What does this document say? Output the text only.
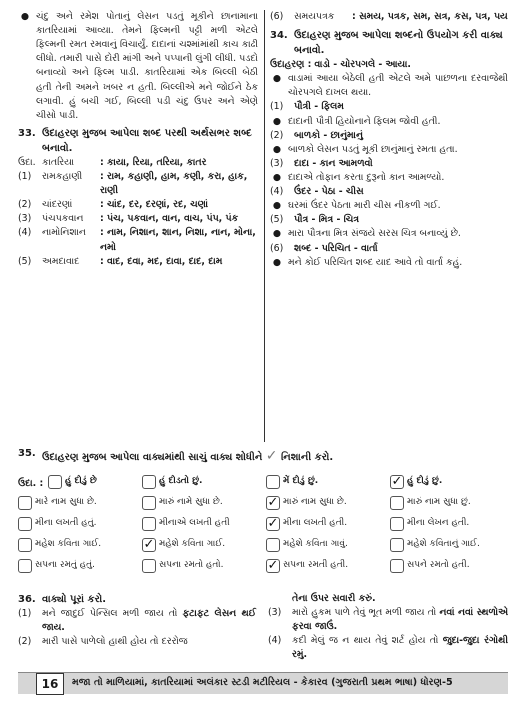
● ચંદુ અને રમેશ પોતાનું લેસન પડતું મૂકીને છાનામાના કાતરિયામાં આવ્યા. તેમને ફિલ્મની પટ્ટી મળી એટલે ફિલ્મની રમત રમવાનું વિચાર્યું. દાદાનાં ચશ્માંમાંથી કાચ કાઢી લીધો. તમારી પાસે દોરી માંગી અને પપ્પાની લુંગી લીધી. પડદો બનાવ્યો અને ફિલ્મ પાડી. કાતરિયામાં એક બિલ્લી બેઠી હતી તેની અમને ખબર ન હતી. બિલ્લીએ મને જોઈને ઠેક લગાવી. હું બચી ગઈ, બિલ્લી પડી ચંદુ ઉપર અને એણે ચીસો પાડી.
33. ઉદાહરણ મુજબ આપેલા શબ્દ પરથી અર્થસભર શબ્દ બનાવો.
ઉદા. કાતરિયા	: કાયા, રિયા, તરિયા, કાતર
(1)	રામકહાણી	: રામ, કહાણી, હામ, કણી, કરા, હાક, રાણી
(2)	ચાંદરણાં	: ચાંદ, દર, દરણાં, રદ, ચણાં
(3)	પંચપકવાન	: પંચ, પકવાન, વાન, વાચ, પંપ, પંક
(4)	નામોનિશાન	: નામ, નિશાન, શાન, નિશા, નાન, મોના, નમો
(5)	અમદાવાદ	: વાદ, દવા, મદ, દાવા, દાદ, દામ
(6)	સમયપત્રક	: સમય, પત્રક, સમ, સત્ર, કસ, પત્ર, પય
34. ઉદાહરણ મુજબ આપેલા શબ્દનો ઉપયોગ કરી વાક્ય બનાવો.
ઉદાહરણ : વાડો - ચોરપગલે - આયા.
● વાડામાં આયા બેઠેલી હતી એટલે અમે પાછળના દરવાજેથી ચોરપગલે દાખલ થયા.
(1)	પૌત્રી - ફિલમ
● દાદાની પૌત્રી હિયોનાને ફિલમ જોવી હતી.
(2)	બાળકો - છાનુંમાનું
● બાળકો લેસન પડતું મૂકી છાનુંમાનું રમતા હતા.
(3)	દાદા - કાન આમળવો
● દાદાએ તોફાન કરતા દુરૂનો કાન આમળ્યો.
(4)	ઉંદર - પેઠા - ચીસ
● ઘરમાં ઉંદર પેઠતા મારી ચીસ નીકળી ગઈ.
(5)	પૌત્ર - મિત્ર - ચિત્ર
● મારા પૌત્રના મિત્ર સંજયે સરસ ચિત્ર બનાવ્યું છે.
(6)	શબ્દ - પરિચિત - વાર્તા
● મને કોઈ પરિચિત શબ્દ યાદ આવે તો વાર્તા કહું.
35. ઉદાહરણ મુજબ આપેલા વાક્યમાંથી સાચું વાક્ય શોધીને ✓ નિશાની કરો.
ઉદા. : હું દોડું છે	હું દોડતો છું.	મેં દોડું છું.	✓ હું દોડું છું.
મારે નામ સુધા છે.	મારું નામે સુધા છે.	✓ મારું નામ સુધા છે.	મારું નામ સુધા છું.
મીના લખતી હતું.	મીનાએ લખતી હતી	✓ મીના લખતી હતી.	મીના લેખન હતી.
મહેશ કવિતા ગાઈ.	✓ મહેશે કવિતા ગાઈ.	મહેશે કવિતા ગાવું.	મહેશે કવિતાનું ગાઈ.
સપના રમતું હતું.	સપના રમતો હતો.	✓ સપના રમતી હતી.	સપને રમતો હતી.
36. વાક્યો પૂરાં કરો.
(1)	મને જાદુઈ પેન્સિલ મળી જાય તો ફટાફટ લેસન થઈ જાય.
(2)	મારી પાસે પાળેલો હાથી હોય તો દરરોજ
તેના ઉપર સવારી કરું.
(3)	મારો હુકમ પાળે તેવું ભૂત મળી જાય તો નવાં નવાં સ્થળોએ ફરવા જાઉં.
(4)	કદી મેલું જ ન થાય તેવું શર્ટ હોય તો જુદા-જુદા રંગોથી રમું.
16	મજા તો માળિયામાં, કાતરિયામાં અલંકાર સ્ટડી મટીરિયલ - કેકારવ (ગુજરાતી પ્રથમ ભાષા) ધોરણ-5
